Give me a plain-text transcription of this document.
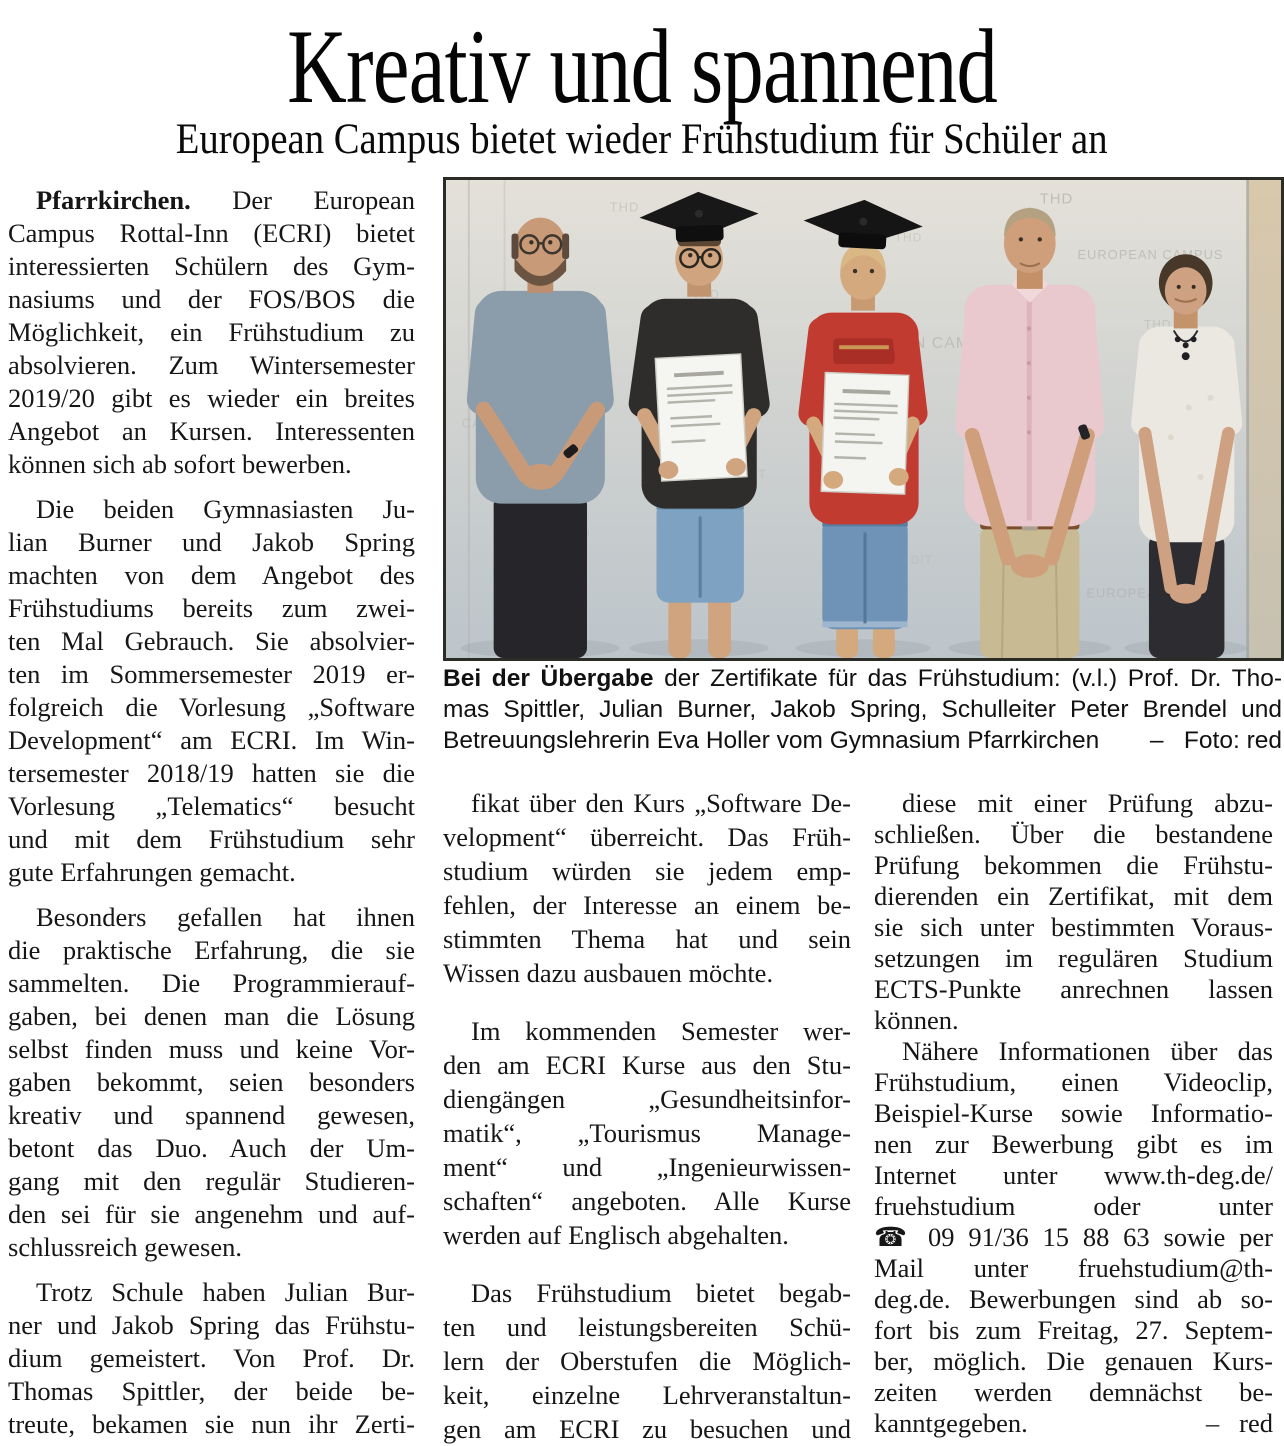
Kreativ und spannend
European Campus bietet wieder Frühstudium für Schüler an
Bei der Übergabe der Zertifikate für das Frühstudium: (v.l.) Prof. Dr. Tho-
mas Spittler, Julian Burner, Jakob Spring, Schulleiter Peter Brendel und
Betreuungslehrerin Eva Holler vom Gymnasium Pfarrkirchen –   Foto: red
Pfarrkirchen. Der European
Campus Rottal-Inn (ECRI) bietet
interessierten Schülern des Gym-
nasiums und der FOS/BOS die
Möglichkeit, ein Frühstudium zu
absolvieren. Zum Wintersemester
2019/20 gibt es wieder ein breites
Angebot an Kursen. Interessenten
können sich ab sofort bewerben.
Die beiden Gymnasiasten Ju-
lian Burner und Jakob Spring
machten von dem Angebot des
Frühstudiums bereits zum zwei-
ten Mal Gebrauch. Sie absolvier-
ten im Sommersemester 2019 er-
folgreich die Vorlesung „Software
Development“ am ECRI. Im Win-
tersemester 2018/19 hatten sie die
Vorlesung „Telematics“ besucht
und mit dem Frühstudium sehr
gute Erfahrungen gemacht.
Besonders gefallen hat ihnen
die praktische Erfahrung, die sie
sammelten. Die Programmierauf-
gaben, bei denen man die Lösung
selbst finden muss und keine Vor-
gaben bekommt, seien besonders
kreativ und spannend gewesen,
betont das Duo. Auch der Um-
gang mit den regulär Studieren-
den sei für sie angenehm und auf-
schlussreich gewesen.
Trotz Schule haben Julian Bur-
ner und Jakob Spring das Frühstu-
dium gemeistert. Von Prof. Dr.
Thomas Spittler, der beide be-
treute, bekamen sie nun ihr Zerti-
fikat über den Kurs „Software De-
velopment“ überreicht. Das Früh-
studium würden sie jedem emp-
fehlen, der Interesse an einem be-
stimmten Thema hat und sein
Wissen dazu ausbauen möchte.
Im kommenden Semester wer-
den am ECRI Kurse aus den Stu-
diengängen „Gesundheitsinfor-
matik“, „Tourismus Manage-
ment“ und „Ingenieurwissen-
schaften“ angeboten. Alle Kurse
werden auf Englisch abgehalten.
Das Frühstudium bietet begab-
ten und leistungsbereiten Schü-
lern der Oberstufen die Möglich-
keit, einzelne Lehrveranstaltun-
gen am ECRI zu besuchen und
diese mit einer Prüfung abzu-
schließen. Über die bestandene
Prüfung bekommen die Frühstu-
dierenden ein Zertifikat, mit dem
sie sich unter bestimmten Voraus-
setzungen im regulären Studium
ECTS-Punkte anrechnen lassen
können.
Nähere Informationen über das
Frühstudium, einen Videoclip,
Beispiel-Kurse sowie Informatio-
nen zur Bewerbung gibt es im
Internet unter www.th-deg.de/
fruehstudium oder unter
☎ 09 91/36 15 88 63 sowie per
Mail unter fruehstudium@th-
deg.de. Bewerbungen sind ab so-
fort bis zum Freitag, 27. Septem-
ber, möglich. Die genauen Kurs-
zeiten werden demnächst be-
kanntgegeben.	–   red
